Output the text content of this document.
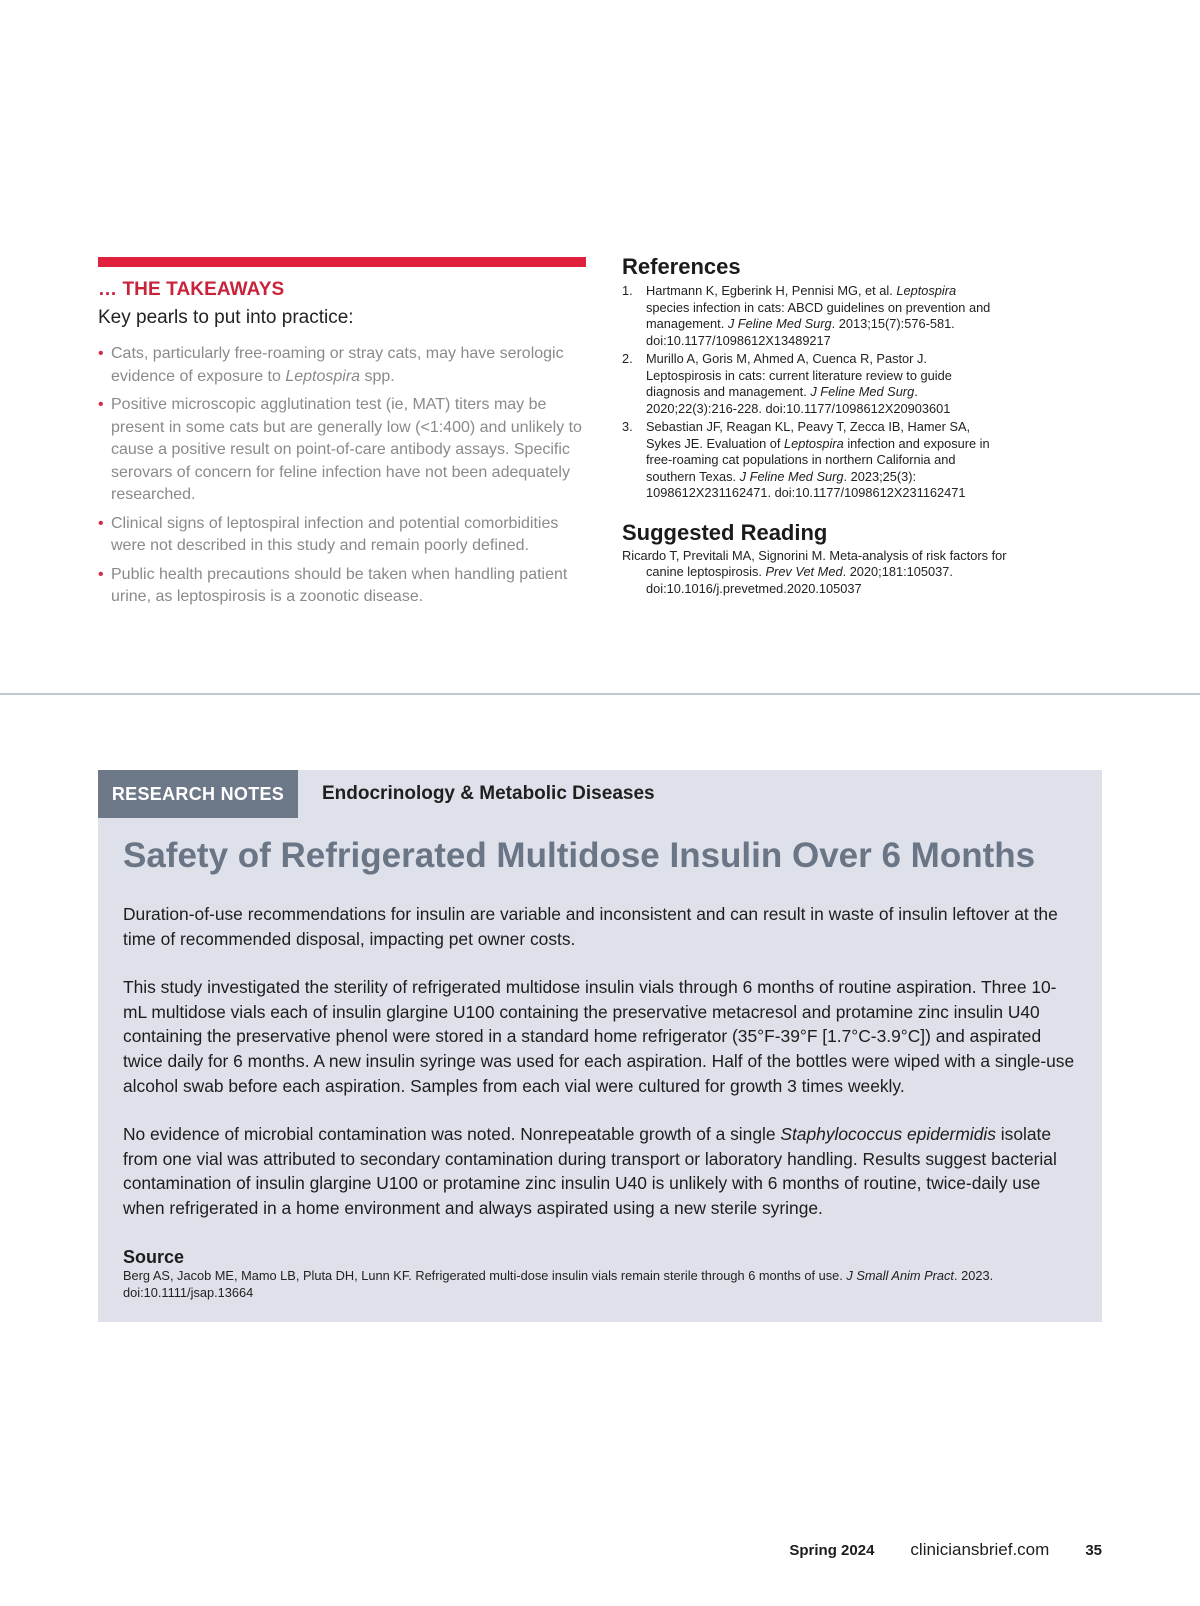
… THE TAKEAWAYS
Key pearls to put into practice:
• Cats, particularly free-roaming or stray cats, may have serologic evidence of exposure to Leptospira spp.
• Positive microscopic agglutination test (ie, MAT) titers may be present in some cats but are generally low (<1:400) and unlikely to cause a positive result on point-of-care antibody assays. Specific serovars of concern for feline infection have not been adequately researched.
• Clinical signs of leptospiral infection and potential comorbidities were not described in this study and remain poorly defined.
• Public health precautions should be taken when handling patient urine, as leptospirosis is a zoonotic disease.
References
1. Hartmann K, Egberink H, Pennisi MG, et al. Leptospira species infection in cats: ABCD guidelines on prevention and management. J Feline Med Surg. 2013;15(7):576-581. doi:10.1177/1098612X13489217
2. Murillo A, Goris M, Ahmed A, Cuenca R, Pastor J. Leptospirosis in cats: current literature review to guide diagnosis and management. J Feline Med Surg. 2020;22(3):216-228. doi:10.1177/1098612X20903601
3. Sebastian JF, Reagan KL, Peavy T, Zecca IB, Hamer SA, Sykes JE. Evaluation of Leptospira infection and exposure in free-roaming cat populations in northern California and southern Texas. J Feline Med Surg. 2023;25(3): 1098612X231162471. doi:10.1177/1098612X231162471
Suggested Reading
Ricardo T, Previtali MA, Signorini M. Meta-analysis of risk factors for canine leptospirosis. Prev Vet Med. 2020;181:105037. doi:10.1016/j.prevetmed.2020.105037
RESEARCH NOTES	Endocrinology & Metabolic Diseases
Safety of Refrigerated Multidose Insulin Over 6 Months

Duration-of-use recommendations for insulin are variable and inconsistent and can result in waste of insulin leftover at the time of recommended disposal, impacting pet owner costs.

This study investigated the sterility of refrigerated multidose insulin vials through 6 months of routine aspiration. Three 10-mL multidose vials each of insulin glargine U100 containing the preservative metacresol and protamine zinc insulin U40 containing the preservative phenol were stored in a standard home refrigerator (35°F-39°F [1.7°C-3.9°C]) and aspirated twice daily for 6 months. A new insulin syringe was used for each aspiration. Half of the bottles were wiped with a single-use alcohol swab before each aspiration. Samples from each vial were cultured for growth 3 times weekly.

No evidence of microbial contamination was noted. Nonrepeatable growth of a single Staphylococcus epidermidis isolate from one vial was attributed to secondary contamination during transport or laboratory handling. Results suggest bacterial contamination of insulin glargine U100 or protamine zinc insulin U40 is unlikely with 6 months of routine, twice-daily use when refrigerated in a home environment and always aspirated using a new sterile syringe.

Source
Berg AS, Jacob ME, Mamo LB, Pluta DH, Lunn KF. Refrigerated multi-dose insulin vials remain sterile through 6 months of use. J Small Anim Pract. 2023. doi:10.1111/jsap.13664
Spring 2024 cliniciansbrief.com 35
